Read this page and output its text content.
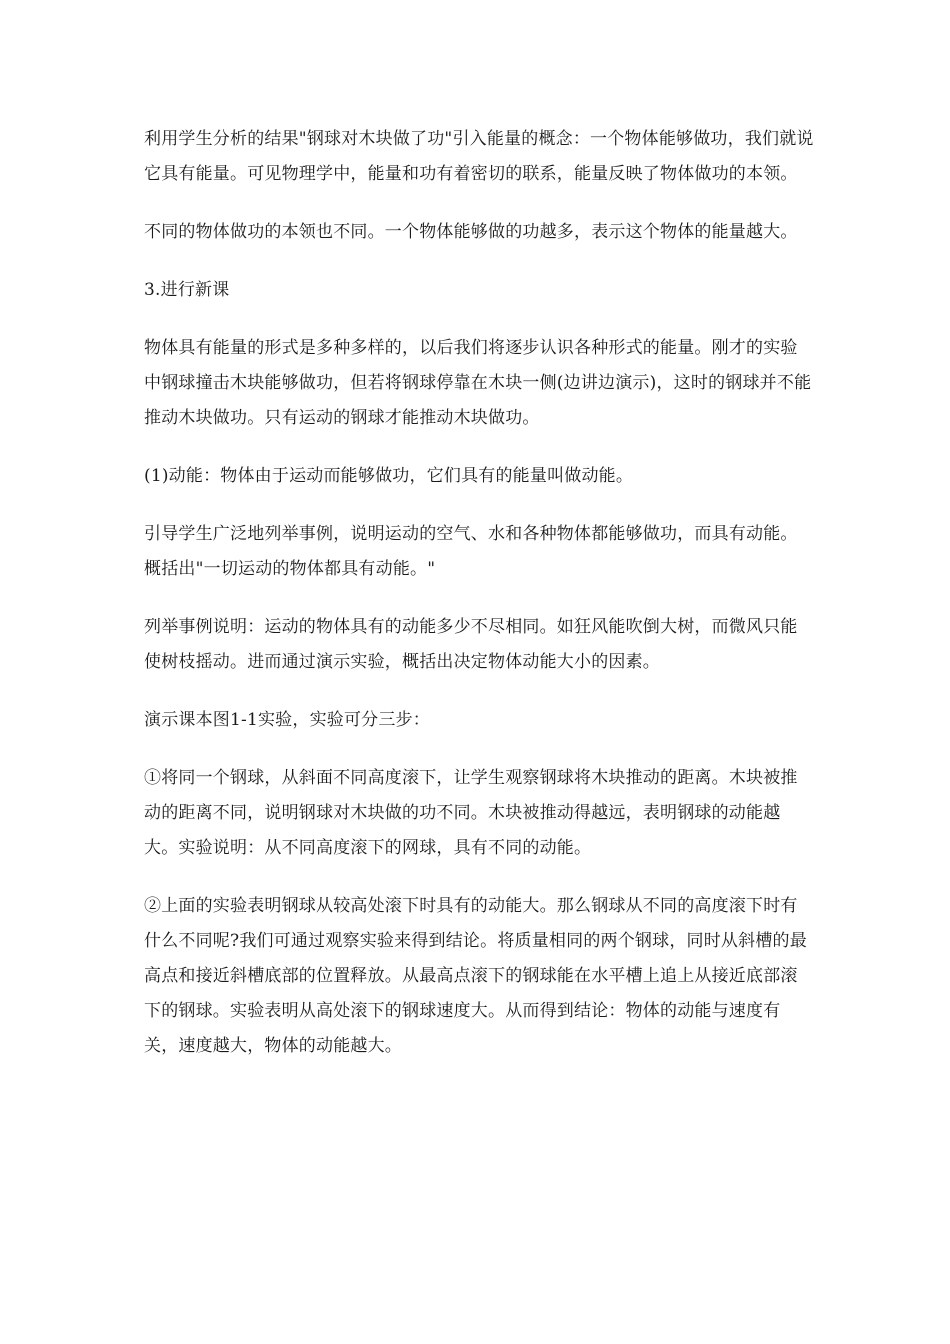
利用学生分析的结果"钢球对木块做了功"引入能量的概念：一个物体能够做功，我们就说它具有能量。可见物理学中，能量和功有着密切的联系，能量反映了物体做功的本领。

不同的物体做功的本领也不同。一个物体能够做的功越多，表示这个物体的能量越大。

3.进行新课

物体具有能量的形式是多种多样的，以后我们将逐步认识各种形式的能量。刚才的实验中钢球撞击木块能够做功，但若将钢球停靠在木块一侧(边讲边演示)，这时的钢球并不能推动木块做功。只有运动的钢球才能推动木块做功。

(1)动能：物体由于运动而能够做功，它们具有的能量叫做动能。

引导学生广泛地列举事例，说明运动的空气、水和各种物体都能够做功，而具有动能。概括出"一切运动的物体都具有动能。"

列举事例说明：运动的物体具有的动能多少不尽相同。如狂风能吹倒大树，而微风只能使树枝摇动。进而通过演示实验，概括出决定物体动能大小的因素。

演示课本图1-1实验，实验可分三步：

①将同一个钢球，从斜面不同高度滚下，让学生观察钢球将木块推动的距离。木块被推动的距离不同，说明钢球对木块做的功不同。木块被推动得越远，表明钢球的动能越大。实验说明：从不同高度滚下的网球，具有不同的动能。

②上面的实验表明钢球从较高处滚下时具有的动能大。那么钢球从不同的高度滚下时有什么不同呢?我们可通过观察实验来得到结论。将质量相同的两个钢球，同时从斜槽的最高点和接近斜槽底部的位置释放。从最高点滚下的钢球能在水平槽上追上从接近底部滚下的钢球。实验表明从高处滚下的钢球速度大。从而得到结论：物体的动能与速度有关，速度越大，物体的动能越大。
